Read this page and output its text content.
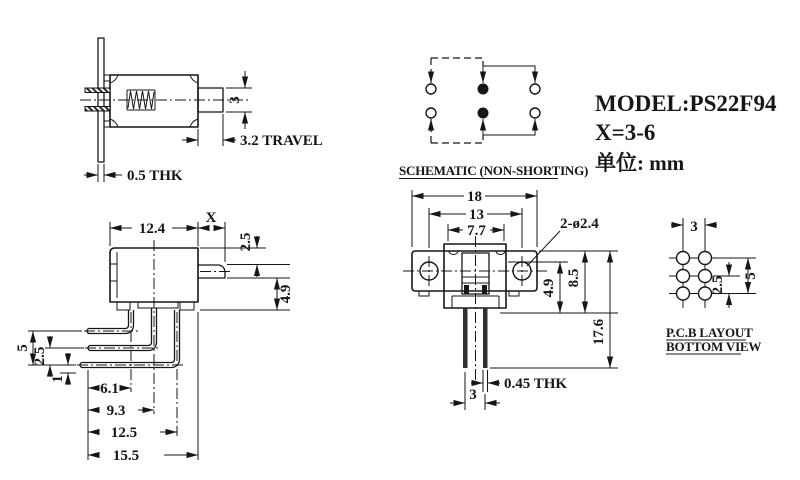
3
3.2 TRAVEL
0.5 THK	SCHEMATIC (NON-SHORTING)
MODEL:PS22F94
X=3-6
单位: mm
12.4
X
2.5
4.9
5 2.5
1
6.1
9.3
12.5
15.5
18
13
7.7	2-ø2.4
4.9
8.5
17.6
0.45 THK
3
3
2.5 5
P.C.B LAYOUT
BOTTOM VIEW
